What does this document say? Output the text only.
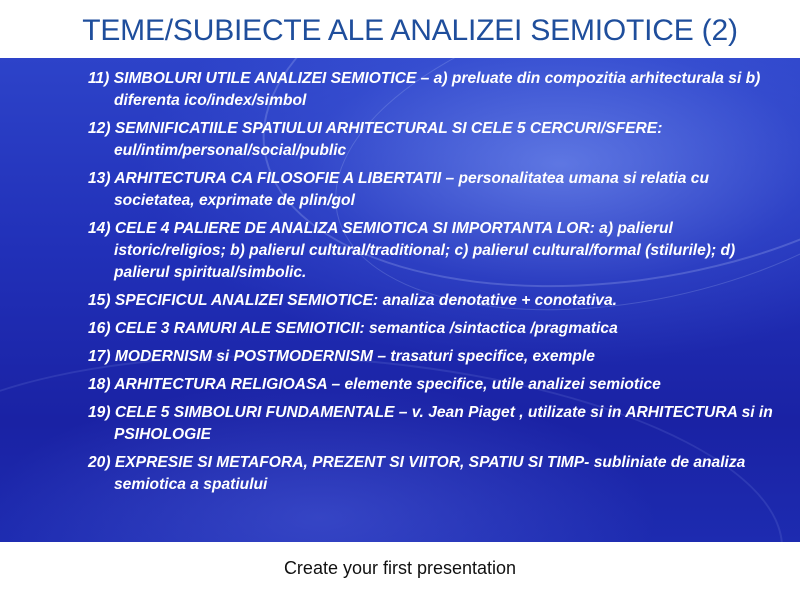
TEME/SUBIECTE ALE ANALIZEI SEMIOTICE (2)
11) SIMBOLURI UTILE ANALIZEI SEMIOTICE – a) preluate din compozitia arhitecturala si b) diferenta ico/index/simbol
12) SEMNIFICATIILE SPATIULUI ARHITECTURAL SI CELE 5 CERCURI/SFERE: eul/intim/personal/social/public
13) ARHITECTURA CA FILOSOFIE A LIBERTATII – personalitatea umana si relatia cu societatea, exprimate de plin/gol
14) CELE 4 PALIERE DE ANALIZA SEMIOTICA SI IMPORTANTA LOR: a) palierul istoric/religios; b) palierul cultural/traditional; c) palierul cultural/formal (stilurile); d) palierul spiritual/simbolic.
15) SPECIFICUL ANALIZEI SEMIOTICE: analiza denotative + conotativa.
16) CELE 3 RAMURI ALE SEMIOTICII: semantica /sintactica /pragmatica
17) MODERNISM si POSTMODERNISM – trasaturi specifice, exemple
18) ARHITECTURA RELIGIOASA – elemente specifice, utile analizei semiotice
19) CELE 5 SIMBOLURI FUNDAMENTALE – v. Jean Piaget , utilizate si in ARHITECTURA si in PSIHOLOGIE
20) EXPRESIE SI METAFORA, PREZENT SI VIITOR, SPATIU SI TIMP- subliniate de analiza semiotica a spatiului
Create your first presentation
